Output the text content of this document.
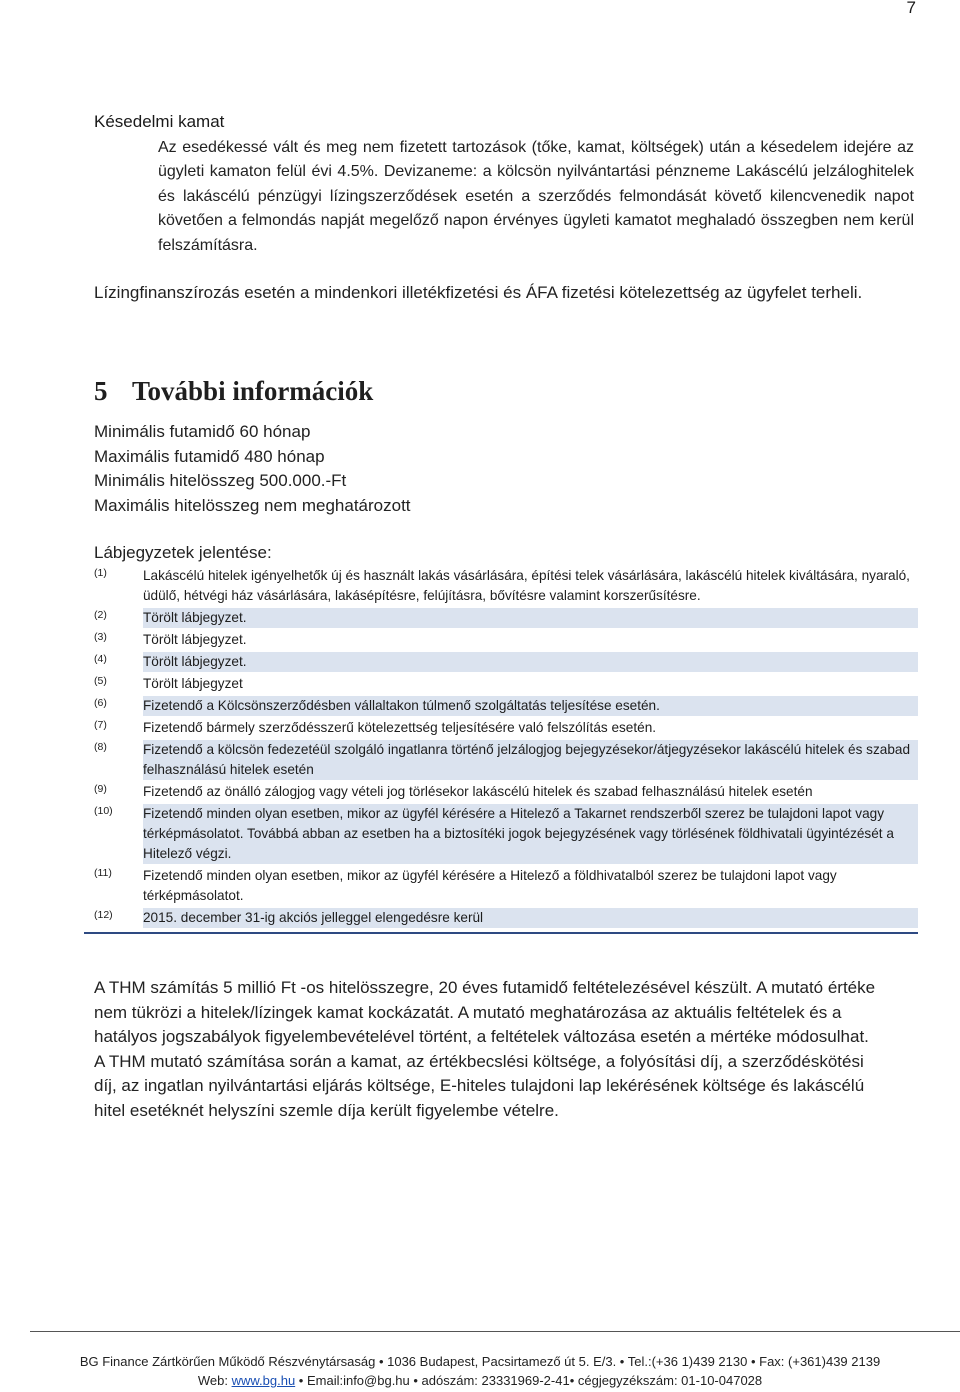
7
Késedelmi kamat
Az esedékessé vált és meg nem fizetett tartozások (tőke, kamat, költségek) után a késedelem idejére az ügyleti kamaton felül évi 4.5%. Devizaneme: a kölcsön nyilvántartási pénzneme Lakáscélú jelzáloghitelek és lakáscélú pénzügyi lízingszerződések esetén a szerződés felmondását követő kilencvenedik napot követően a felmondás napját megelőző napon érvényes ügyleti kamatot meghaladó összegben nem kerül felszámításra.
Lízingfinanszírozás esetén a mindenkori illetékfizetési és ÁFA fizetési kötelezettség az ügyfelet terheli.
5 További információk
Minimális futamidő 60 hónap
Maximális futamidő 480 hónap
Minimális hitelösszeg 500.000.-Ft
Maximális hitelösszeg nem meghatározott
Lábjegyzetek jelentése:
(1)	Lakáscélú hitelek igényelhetők új és használt lakás vásárlására, építési telek vásárlására, lakáscélú hitelek kiváltására, nyaraló, üdülő, hétvégi ház vásárlására, lakásépítésre, felújításra, bővítésre valamint korszerűsítésre.
(2)	Törölt lábjegyzet.
(3)	Törölt lábjegyzet.
(4)	Törölt lábjegyzet.
(5)	Törölt lábjegyzet
(6)	Fizetendő a Kölcsönszerződésben vállaltakon túlmenő szolgáltatás teljesítése esetén.
(7)	Fizetendő bármely szerződésszerű kötelezettség teljesítésére való felszólítás esetén.
(8)	Fizetendő a kölcsön fedezetéül szolgáló ingatlanra történő jelzálogjog bejegyzésekor/átjegyzésekor lakáscélú hitelek és szabad felhasználású hitelek esetén
(9)	Fizetendő az önálló zálogjog vagy vételi jog törlésekor lakáscélú hitelek és szabad felhasználású hitelek esetén
(10)	Fizetendő minden olyan esetben, mikor az ügyfél kérésére a Hitelező a Takarnet rendszerből szerez be tulajdoni lapot vagy térképmásolatot. Továbbá abban az esetben ha a biztosítéki jogok bejegyzésének vagy törlésének földhivatali ügyintézését a Hitelező végzi.
(11)	Fizetendő minden olyan esetben, mikor az ügyfél kérésére a Hitelező a földhivatalból szerez be tulajdoni lapot vagy térképmásolatot.
(12)	2015. december 31-ig akciós jelleggel elengedésre kerül
A THM számítás 5 millió Ft -os hitelösszegre, 20 éves futamidő feltételezésével készült. A mutató értéke nem tükrözi a hitelek/lízingek kamat kockázatát. A mutató meghatározása az aktuális feltételek és a hatályos jogszabályok figyelembevételével történt, a feltételek változása esetén a mértéke módosulhat.
A THM mutató számítása során a kamat, az értékbecslési költsége, a folyósítási díj, a szerződéskötési díj, az ingatlan nyilvántartási eljárás költsége, E-hiteles tulajdoni lap lekérésének költsége és lakáscélú hitel esetéknét helyszíni szemle díja került figyelembe vételre.
BG Finance Zártkörűen Működő Részvénytársaság • 1036 Budapest, Pacsirtamező út 5. E/3. • Tel.:(+36 1)439 2130 • Fax: (+361)439 2139
Web: www.bg.hu • Email:info@bg.hu • adószám: 23331969-2-41• cégjegyzékszám: 01-10-047028
